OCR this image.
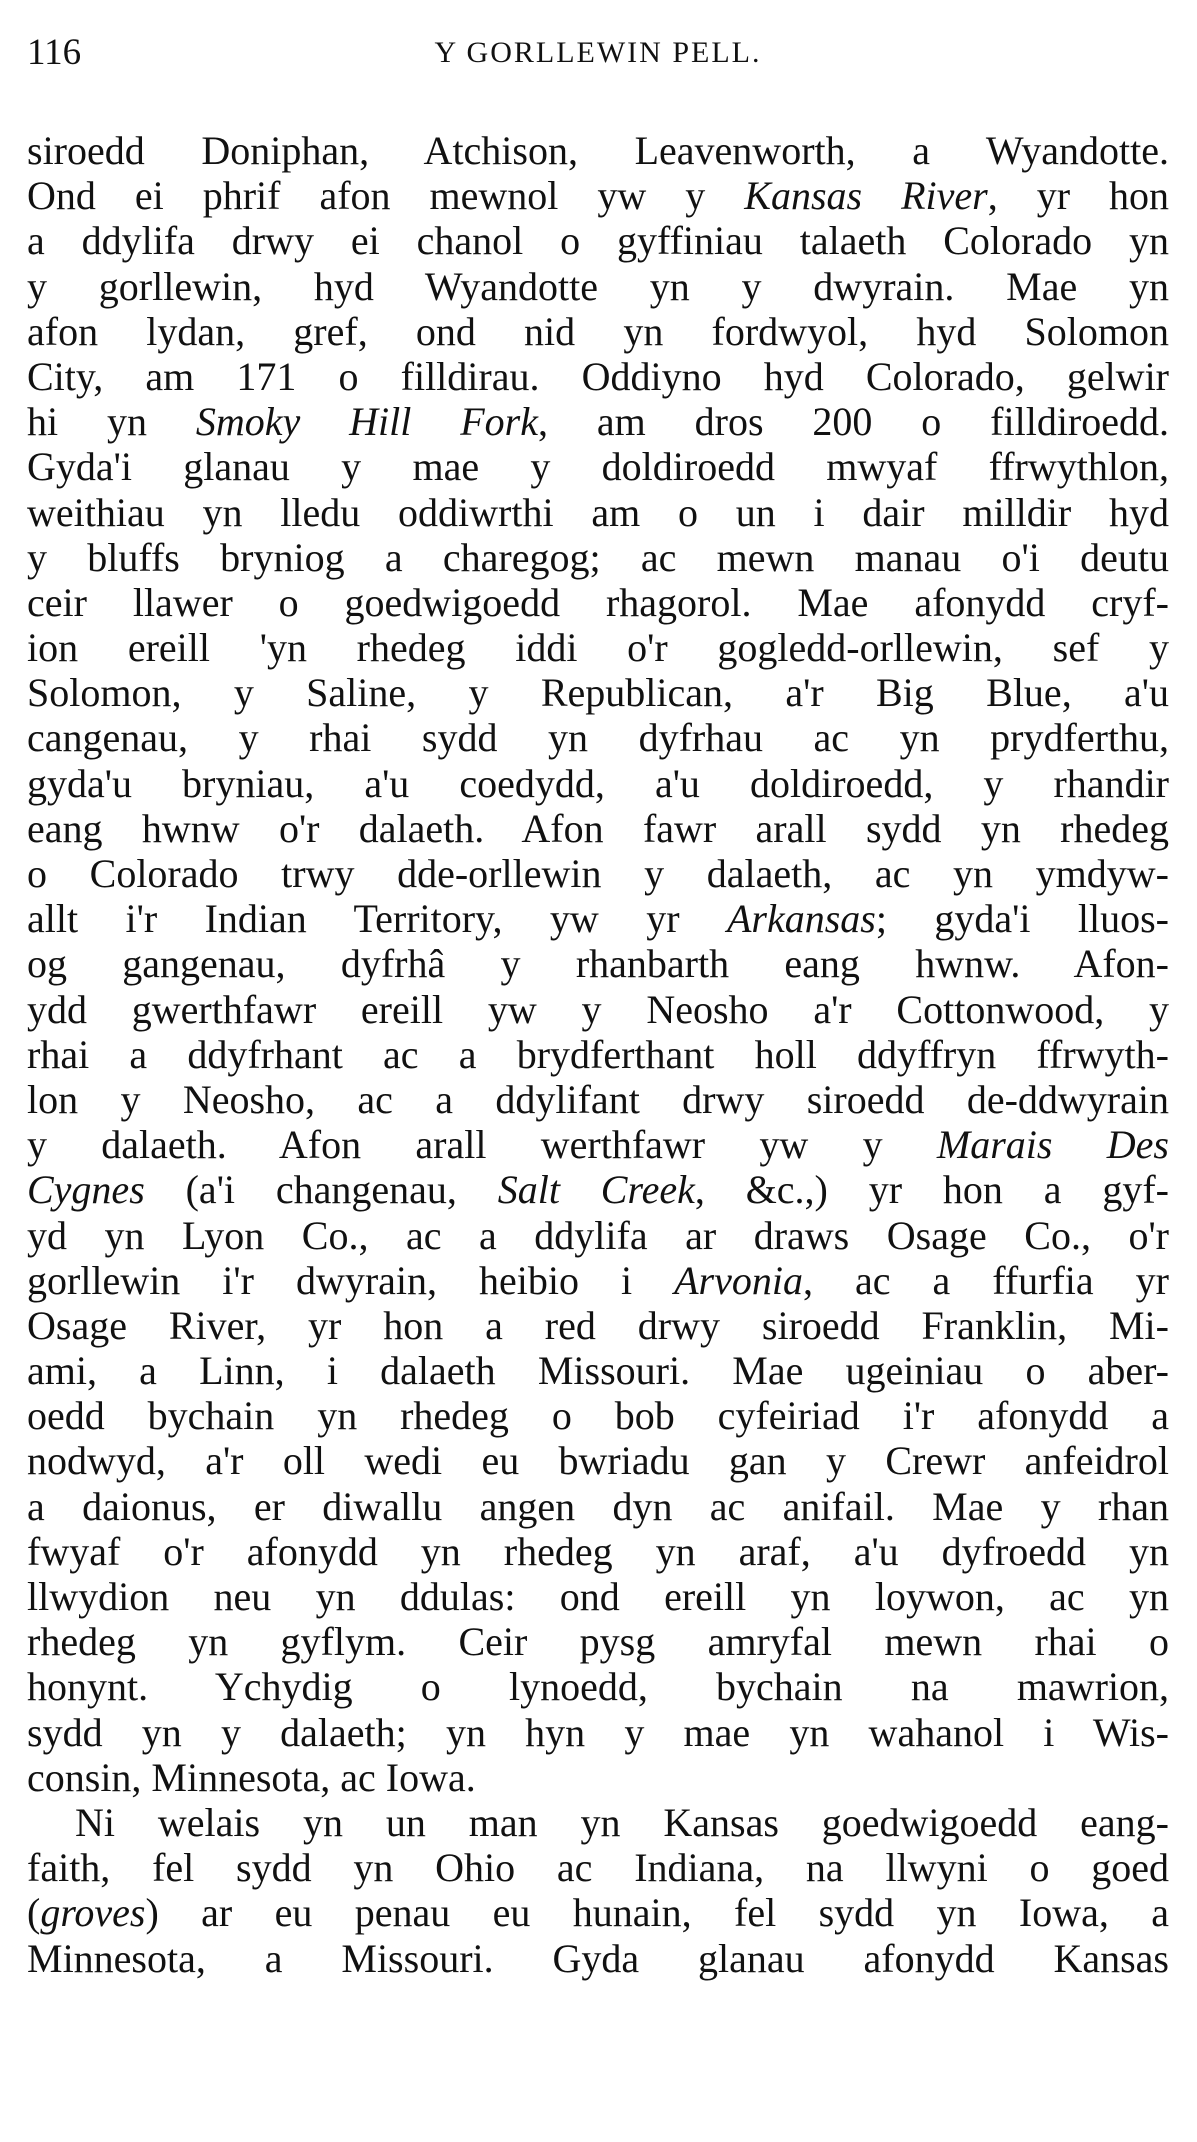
116	Y GORLLEWIN PELL.
siroedd Doniphan, Atchison, Leavenworth, a Wyandotte.
Ond ei phrif afon mewnol yw y Kansas River, yr hon
a ddylifa drwy ei chanol o gyffiniau talaeth Colorado yn
y gorllewin, hyd Wyandotte yn y dwyrain. Mae yn
afon lydan, gref, ond nid yn fordwyol, hyd Solomon
City, am 171 o filldirau. Oddiyno hyd Colorado, gelwir
hi yn Smoky Hill Fork, am dros 200 o filldiroedd.
Gyda'i glanau y mae y doldiroedd mwyaf ffrwythlon,
weithiau yn lledu oddiwrthi am o un i dair milldir hyd
y bluffs bryniog a charegog; ac mewn manau o'i deutu
ceir llawer o goedwigoedd rhagorol. Mae afonydd cryf-
ion ereill 'yn rhedeg iddi o'r gogledd-orllewin, sef y
Solomon, y Saline, y Republican, a'r Big Blue, a'u
cangenau, y rhai sydd yn dyfrhau ac yn prydferthu,
gyda'u bryniau, a'u coedydd, a'u doldiroedd, y rhandir
eang hwnw o'r dalaeth. Afon fawr arall sydd yn rhedeg
o Colorado trwy dde-orllewin y dalaeth, ac yn ymdyw-
allt i'r Indian Territory, yw yr Arkansas; gyda'i lluos-
og gangenau, dyfrhâ y rhanbarth eang hwnw. Afon-
ydd gwerthfawr ereill yw y Neosho a'r Cottonwood, y
rhai a ddyfrhant ac a brydferthant holl ddyffryn ffrwyth-
lon y Neosho, ac a ddylifant drwy siroedd de-ddwyrain
y dalaeth. Afon arall werthfawr yw y Marais Des
Cygnes (a'i changenau, Salt Creek, &c.,) yr hon a gyf-
yd yn Lyon Co., ac a ddylifa ar draws Osage Co., o'r
gorllewin i'r dwyrain, heibio i Arvonia, ac a ffurfia yr
Osage River, yr hon a red drwy siroedd Franklin, Mi-
ami, a Linn, i dalaeth Missouri. Mae ugeiniau o aber-
oedd bychain yn rhedeg o bob cyfeiriad i'r afonydd a
nodwyd, a'r oll wedi eu bwriadu gan y Crewr anfeidrol
a daionus, er diwallu angen dyn ac anifail. Mae y rhan
fwyaf o'r afonydd yn rhedeg yn araf, a'u dyfroedd yn
llwydion neu yn ddulas: ond ereill yn loywon, ac yn
rhedeg yn gyflym. Ceir pysg amryfal mewn rhai o
honynt. Ychydig o lynoedd, bychain na mawrion,
sydd yn y dalaeth; yn hyn y mae yn wahanol i Wis-
consin, Minnesota, ac Iowa.
Ni welais yn un man yn Kansas goedwigoedd eang-
faith, fel sydd yn Ohio ac Indiana, na llwyni o goed
(groves) ar eu penau eu hunain, fel sydd yn Iowa, a
Minnesota, a Missouri. Gyda glanau afonydd Kansas
